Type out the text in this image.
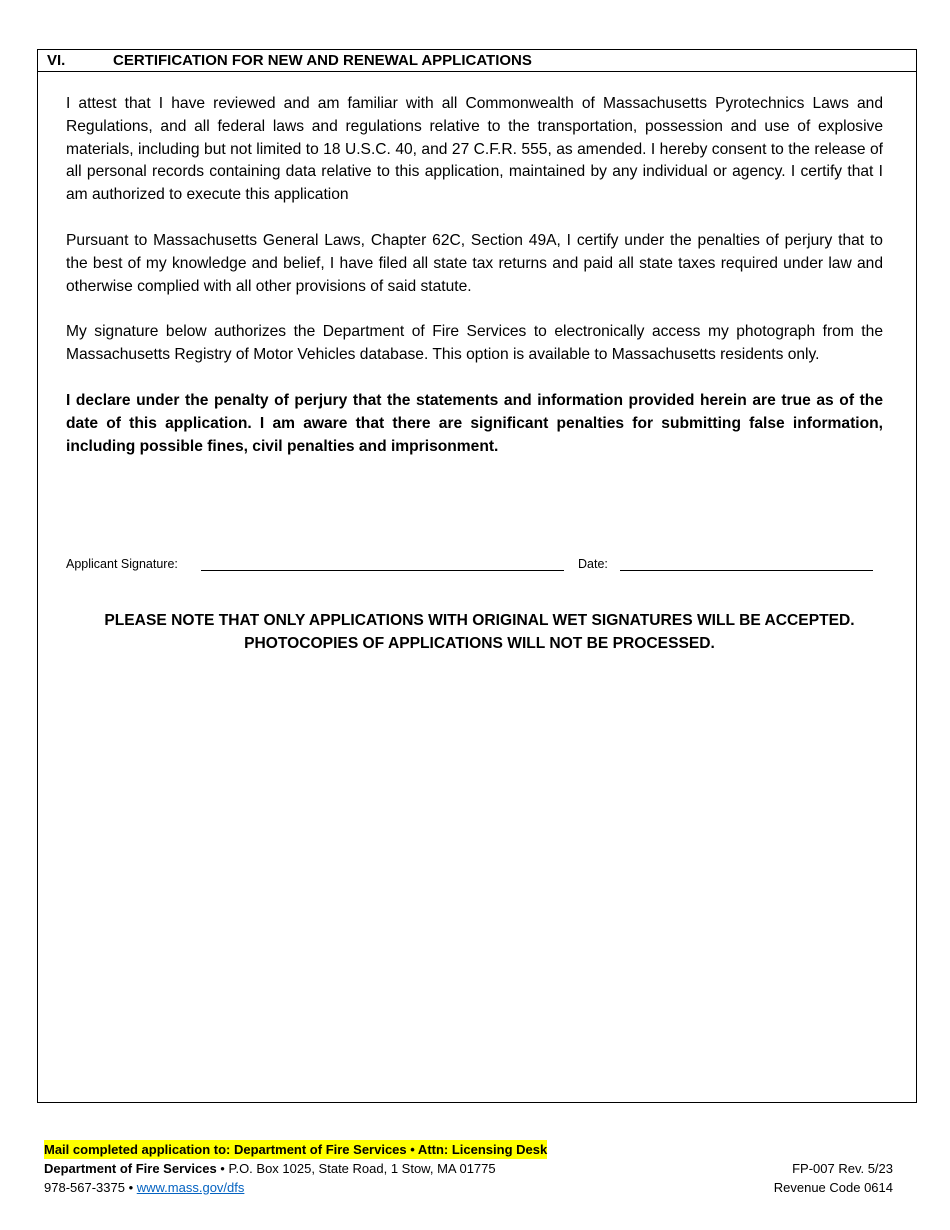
VI.	CERTIFICATION FOR NEW AND RENEWAL APPLICATIONS

I attest that I have reviewed and am familiar with all Commonwealth of Massachusetts Pyrotechnics Laws and Regulations, and all federal laws and regulations relative to the transportation, possession and use of explosive materials, including but not limited to 18 U.S.C. 40, and 27 C.F.R. 555, as amended. I hereby consent to the release of all personal records containing data relative to this application, maintained by any individual or agency. I certify that I am authorized to execute this application

Pursuant to Massachusetts General Laws, Chapter 62C, Section 49A, I certify under the penalties of perjury that to the best of my knowledge and belief, I have filed all state tax returns and paid all state taxes required under law and otherwise complied with all other provisions of said statute.

My signature below authorizes the Department of Fire Services to electronically access my photograph from the Massachusetts Registry of Motor Vehicles database. This option is available to Massachusetts residents only.

I declare under the penalty of perjury that the statements and information provided herein are true as of the date of this application. I am aware that there are significant penalties for submitting false information, including possible fines, civil penalties and imprisonment.

Applicant Signature:	Date:
PLEASE NOTE THAT ONLY APPLICATIONS WITH ORIGINAL WET SIGNATURES WILL BE ACCEPTED.
PHOTOCOPIES OF APPLICATIONS WILL NOT BE PROCESSED.
Mail completed application to: Department of Fire Services • Attn: Licensing Desk
Department of Fire Services • P.O. Box 1025, State Road, 1 Stow, MA 01775
978-567-3375 • www.mass.gov/dfs
FP-007 Rev. 5/23
Revenue Code 0614
